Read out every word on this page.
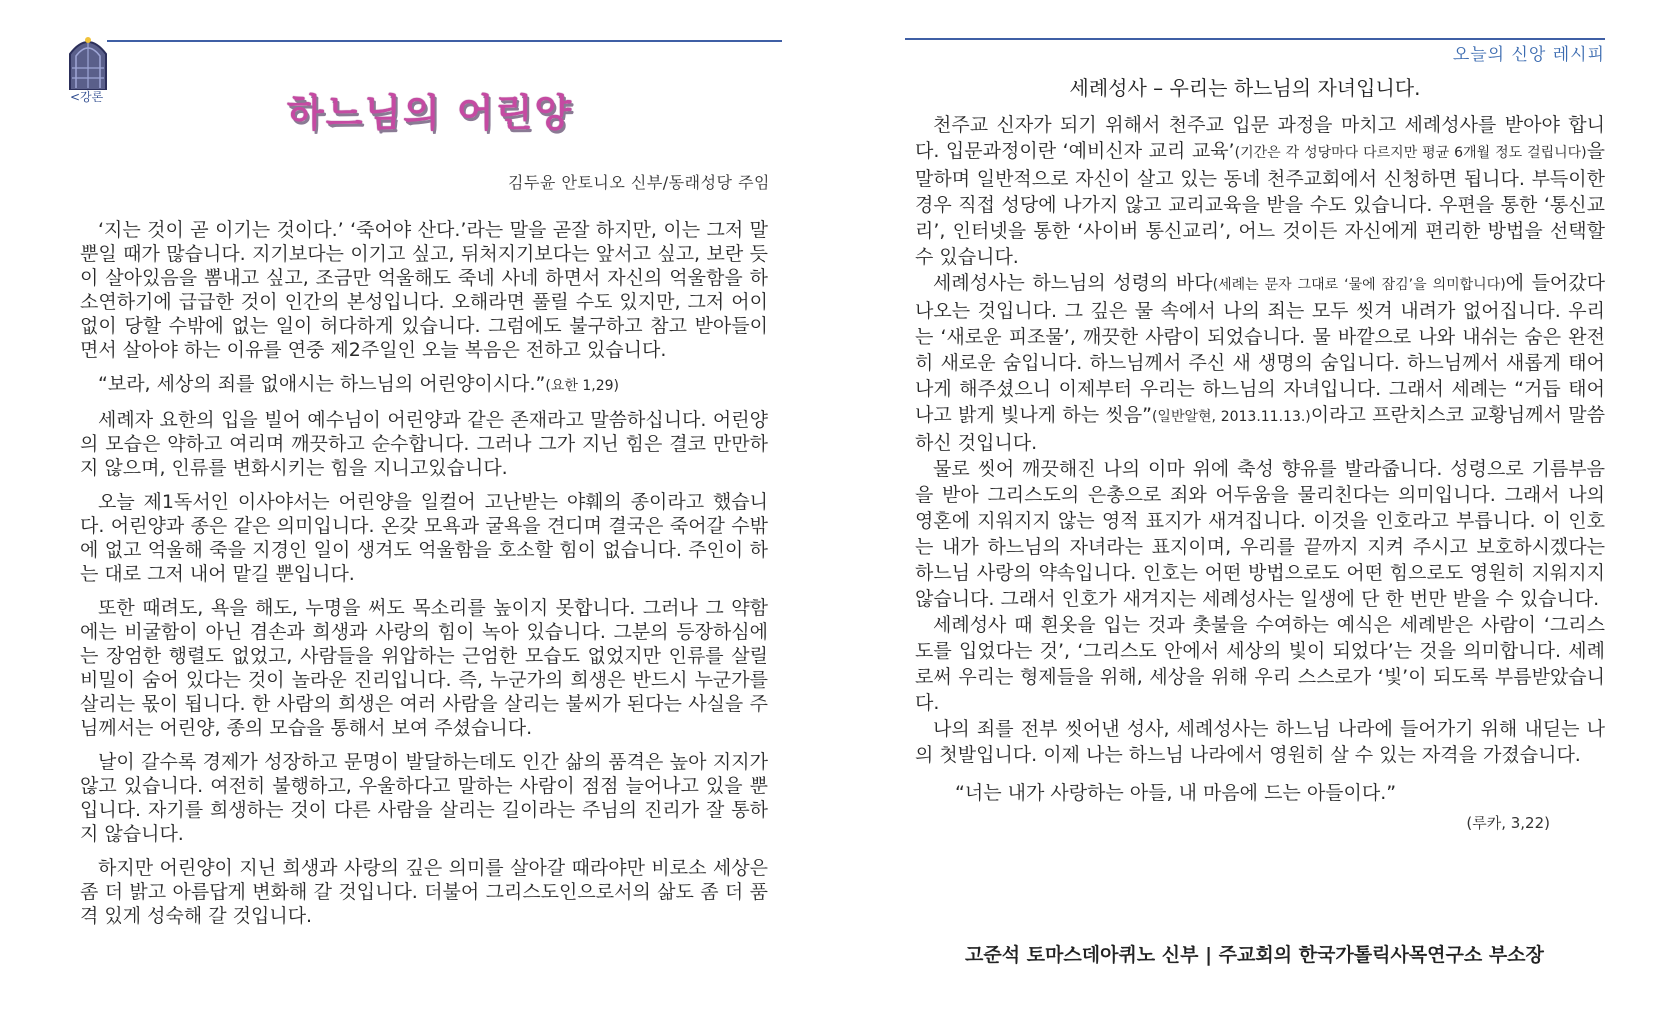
<강론	하느님의 어린양
김두윤 안토니오 신부/동래성당 주임

‘지는 것이 곧 이기는 것이다.’ ‘죽어야 산다.’라는 말을 곧잘 하지만, 이는 그저 말뿐일 때가 많습니다. 지기보다는 이기고 싶고, 뒤처지기보다는 앞서고 싶고, 보란 듯이 살아있음을 뽐내고 싶고, 조금만 억울해도 죽네 사네 하면서 자신의 억울함을 하소연하기에 급급한 것이 인간의 본성입니다. 오해라면 풀릴 수도 있지만, 그저 어이없이 당할 수밖에 없는 일이 허다하게 있습니다. 그럼에도 불구하고 참고 받아들이면서 살아야 하는 이유를 연중 제2주일인 오늘 복음은 전하고 있습니다.

“보라, 세상의 죄를 없애시는 하느님의 어린양이시다.”(요한 1,29)

세례자 요한의 입을 빌어 예수님이 어린양과 같은 존재라고 말씀하십니다. 어린양의 모습은 약하고 여리며 깨끗하고 순수합니다. 그러나 그가 지닌 힘은 결코 만만하지 않으며, 인류를 변화시키는 힘을 지니고있습니다.

오늘 제1독서인 이사야서는 어린양을 일컬어 고난받는 야훼의 종이라고 했습니다. 어린양과 종은 같은 의미입니다. 온갖 모욕과 굴욕을 견디며 결국은 죽어갈 수밖에 없고 억울해 죽을 지경인 일이 생겨도 억울함을 호소할 힘이 없습니다. 주인이 하는 대로 그저 내어 맡길 뿐입니다.

또한 때려도, 욕을 해도, 누명을 써도 목소리를 높이지 못합니다. 그러나 그 약함에는 비굴함이 아닌 겸손과 희생과 사랑의 힘이 녹아 있습니다. 그분의 등장하심에는 장엄한 행렬도 없었고, 사람들을 위압하는 근엄한 모습도 없었지만 인류를 살릴 비밀이 숨어 있다는 것이 놀라운 진리입니다. 즉, 누군가의 희생은 반드시 누군가를 살리는 몫이 됩니다. 한 사람의 희생은 여러 사람을 살리는 불씨가 된다는 사실을 주님께서는 어린양, 종의 모습을 통해서 보여 주셨습니다.

날이 갈수록 경제가 성장하고 문명이 발달하는데도 인간 삶의 품격은 높아 지지가 않고 있습니다. 여전히 불행하고, 우울하다고 말하는 사람이 점점 늘어나고 있을 뿐입니다. 자기를 희생하는 것이 다른 사람을 살리는 길이라는 주님의 진리가 잘 통하지 않습니다.

하지만 어린양이 지닌 희생과 사랑의 깊은 의미를 살아갈 때라야만 비로소 세상은 좀 더 밝고 아름답게 변화해 갈 것입니다. 더불어 그리스도인으로서의 삶도 좀 더 품격 있게 성숙해 갈 것입니다.

오늘의 신앙 레시피
세례성사 – 우리는 하느님의 자녀입니다.

천주교 신자가 되기 위해서 천주교 입문 과정을 마치고 세례성사를 받아야 합니다. 입문과정이란 ‘예비신자 교리 교육’(기간은 각 성당마다 다르지만 평균 6개월 정도 걸립니다)을 말하며 일반적으로 자신이 살고 있는 동네 천주교회에서 신청하면 됩니다. 부득이한 경우 직접 성당에 나가지 않고 교리교육을 받을 수도 있습니다. 우편을 통한 ‘통신교리’, 인터넷을 통한 ‘사이버 통신교리’, 어느 것이든 자신에게 편리한 방법을 선택할 수 있습니다.

세례성사는 하느님의 성령의 바다(세례는 문자 그대로 ‘물에 잠김’을 의미합니다)에 들어갔다 나오는 것입니다. 그 깊은 물 속에서 나의 죄는 모두 씻겨 내려가 없어집니다. 우리는 ‘새로운 피조물’, 깨끗한 사람이 되었습니다. 물 바깥으로 나와 내쉬는 숨은 완전히 새로운 숨입니다. 하느님께서 주신 새 생명의 숨입니다. 하느님께서 새롭게 태어나게 해주셨으니 이제부터 우리는 하느님의 자녀입니다. 그래서 세례는 “거듭 태어나고 밝게 빛나게 하는 씻음”(일반알현, 2013.11.13.)이라고 프란치스코 교황님께서 말씀하신 것입니다.

물로 씻어 깨끗해진 나의 이마 위에 축성 향유를 발라줍니다. 성령으로 기름부음을 받아 그리스도의 은총으로 죄와 어두움을 물리친다는 의미입니다. 그래서 나의 영혼에 지워지지 않는 영적 표지가 새겨집니다. 이것을 인호라고 부릅니다. 이 인호는 내가 하느님의 자녀라는 표지이며, 우리를 끝까지 지켜 주시고 보호하시겠다는 하느님 사랑의 약속입니다. 인호는 어떤 방법으로도 어떤 힘으로도 영원히 지워지지 않습니다. 그래서 인호가 새겨지는 세례성사는 일생에 단 한 번만 받을 수 있습니다.

세례성사 때 흰옷을 입는 것과 촛불을 수여하는 예식은 세례받은 사람이 ‘그리스도를 입었다는 것’, ‘그리스도 안에서 세상의 빛이 되었다’는 것을 의미합니다. 세례로써 우리는 형제들을 위해, 세상을 위해 우리 스스로가 ‘빛’이 되도록 부름받았습니다.

나의 죄를 전부 씻어낸 성사, 세례성사는 하느님 나라에 들어가기 위해 내딛는 나의 첫발입니다. 이제 나는 하느님 나라에서 영원히 살 수 있는 자격을 가졌습니다.

“너는 내가 사랑하는 아들, 내 마음에 드는 아들이다.”

(루카, 3,22)

고준석 토마스데아퀴노 신부 | 주교회의 한국가톨릭사목연구소 부소장
